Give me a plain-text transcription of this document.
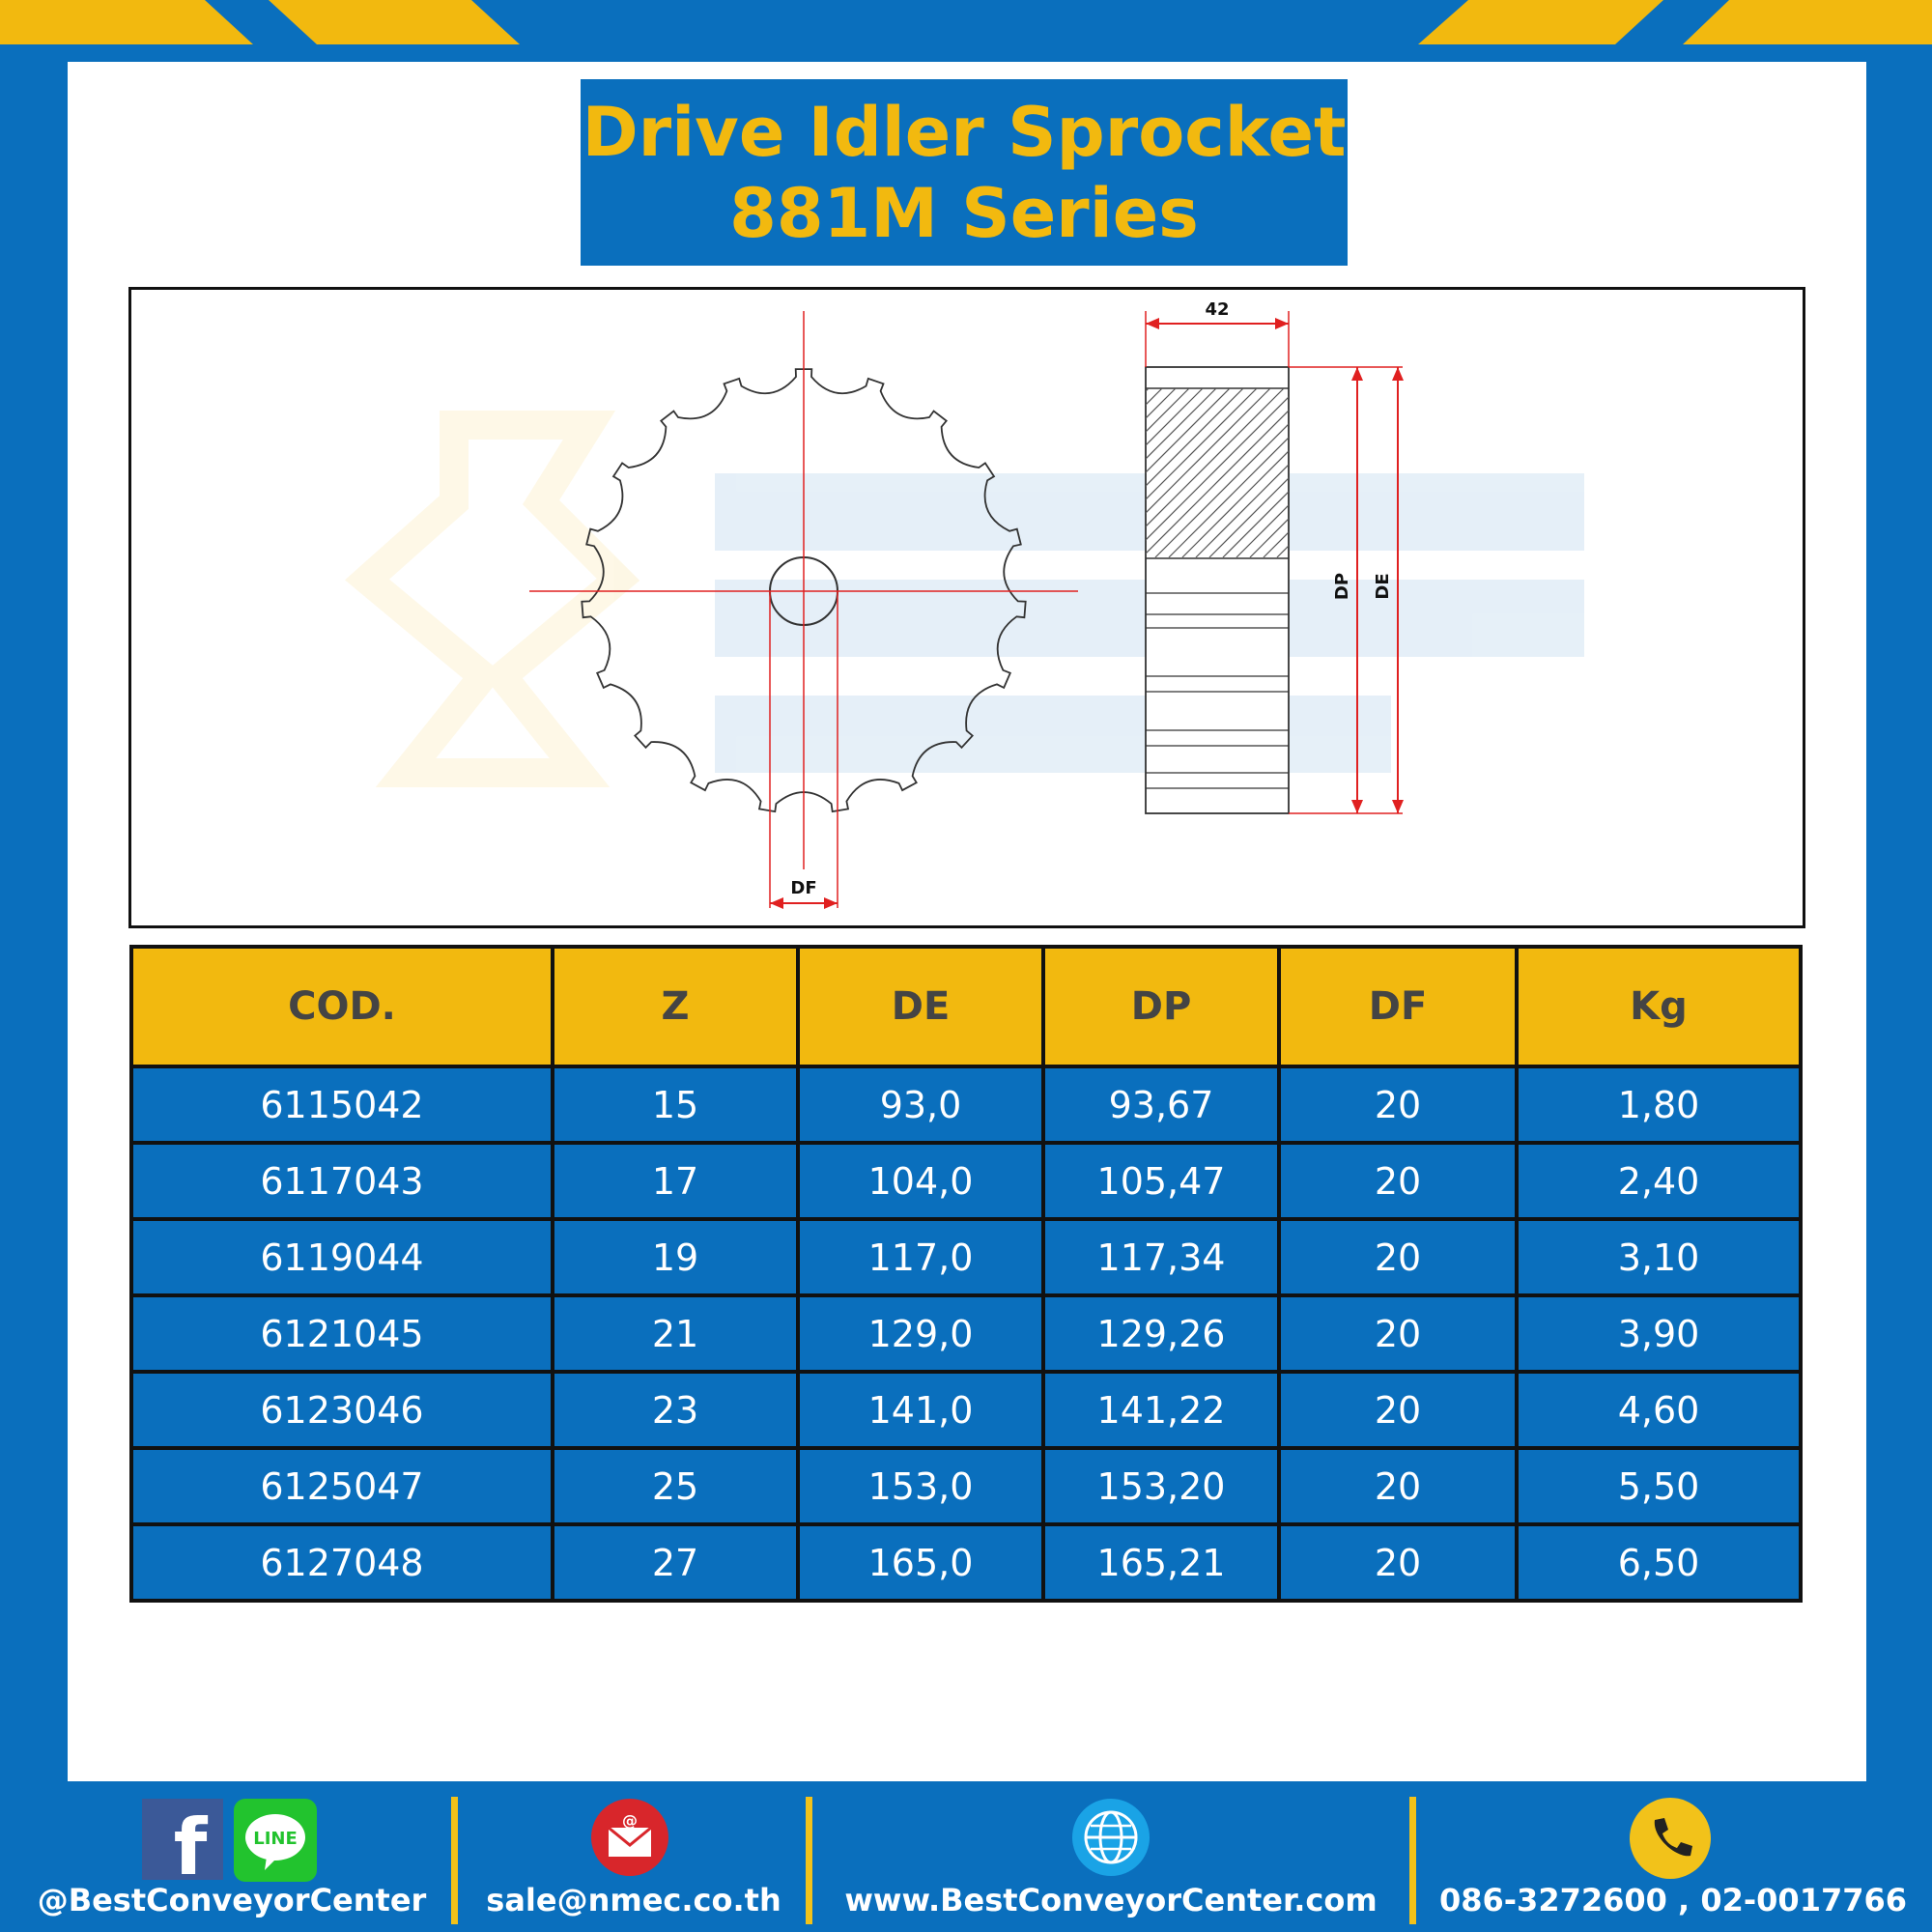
Drive Idler Sprocket
881M Series
DF
42
DP DE
COD.	Z	DE	DP	DF	Kg
6115042	15	93,0	93,67	20	1,80
6117043	17	104,0	105,47	20	2,40
6119044	19	117,0	117,34	20	3,10
6121045	21	129,0	129,26	20	3,90
6123046	23	141,0	141,22	20	4,60
6125047	25	153,0	153,20	20	5,50
6127048	27	165,0	165,21	20	6,50
f	LINE
@BestConveyorCenter
@
sale@nmec.co.th	www.BestConveyorCenter.com	086-3272600 , 02-0017766
